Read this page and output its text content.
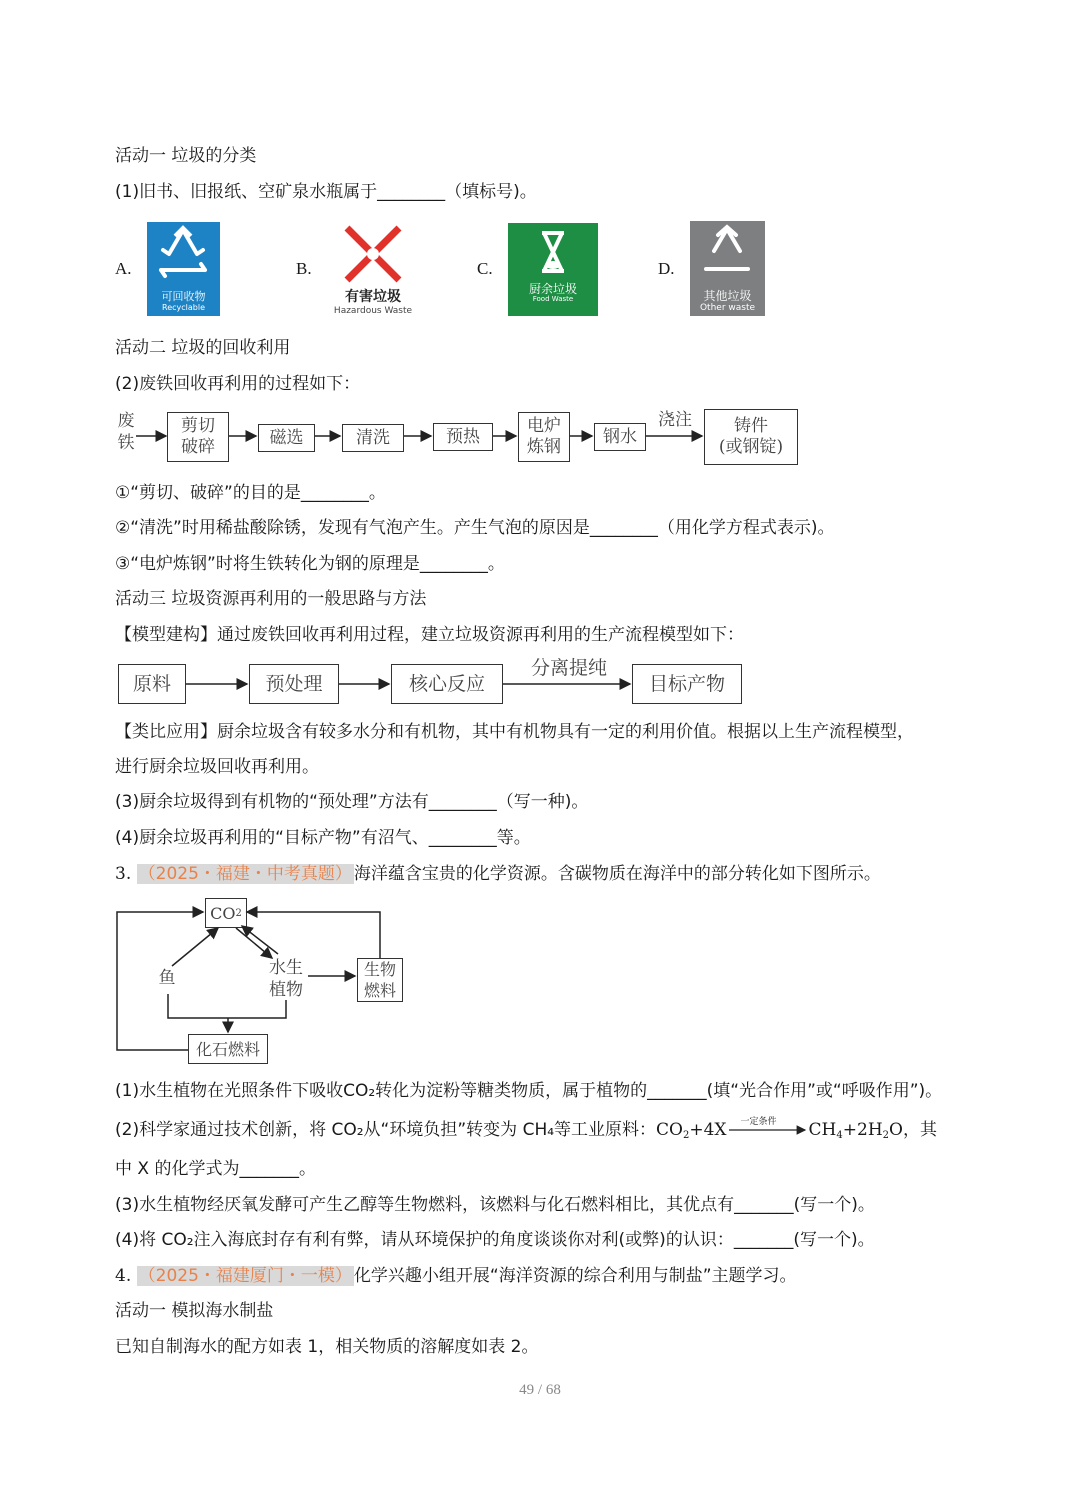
活动一 垃圾的分类
(1)旧书、旧报纸、空矿泉水瓶属于________（填标号)。
A.
可回收物
Recyclable
B.
有害垃圾
Hazardous Waste
C.
厨余垃圾
Food Waste
D.
其他垃圾
Other waste
活动二 垃圾的回收利用
(2)废铁回收再利用的过程如下：
废
铁
剪切
破碎	磁选	清洗	预热
电炉
炼钢
钢水
浇注	铸件
(或钢锭)
①“剪切、破碎”的目的是________。
②“清洗”时用稀盐酸除锈，发现有气泡产生。产生气泡的原因是________（用化学方程式表示)。
③“电炉炼钢”时将生铁转化为钢的原理是________。
活动三 垃圾资源再利用的一般思路与方法
【模型建构】通过废铁回收再利用过程，建立垃圾资源再利用的生产流程模型如下：
原料	预处理	核心反应
分离提纯
目标产物
【类比应用】厨余垃圾含有较多水分和有机物，其中有机物具有一定的利用价值。根据以上生产流程模型，
进行厨余垃圾回收再利用。
(3)厨余垃圾得到有机物的“预处理”方法有________（写一种)。
(4)厨余垃圾再利用的“目标产物”有沼气、________等。
3. （2025・福建・中考真题） 海洋蕴含宝贵的化学资源。含碳物质在海洋中的部分转化如下图所示。
CO 2
鱼	水生
植物
生物
燃料
化石燃料
(1)水生植物在光照条件下吸收CO₂转化为淀粉等糖类物质，属于植物的_______(填“光合作用”或“呼吸作用”)。
(2)科学家通过技术创新，将 CO₂从“环境负担”转变为 CH₄等工业原料：$CO_2+4X$ 一定条件 $CH_4+2H_2O$，其
中 X 的化学式为_______。
(3)水生植物经厌氧发酵可产生乙醇等生物燃料，该燃料与化石燃料相比，其优点有_______(写一个)。
(4)将 CO₂注入海底封存有利有弊，请从环境保护的角度谈谈你对利(或弊)的认识：_______(写一个)。
4. （2025・福建厦门・一模） 化学兴趣小组开展“海洋资源的综合利用与制盐”主题学习。
活动一 模拟海水制盐
已知自制海水的配方如表 1，相关物质的溶解度如表 2。
49 / 68
